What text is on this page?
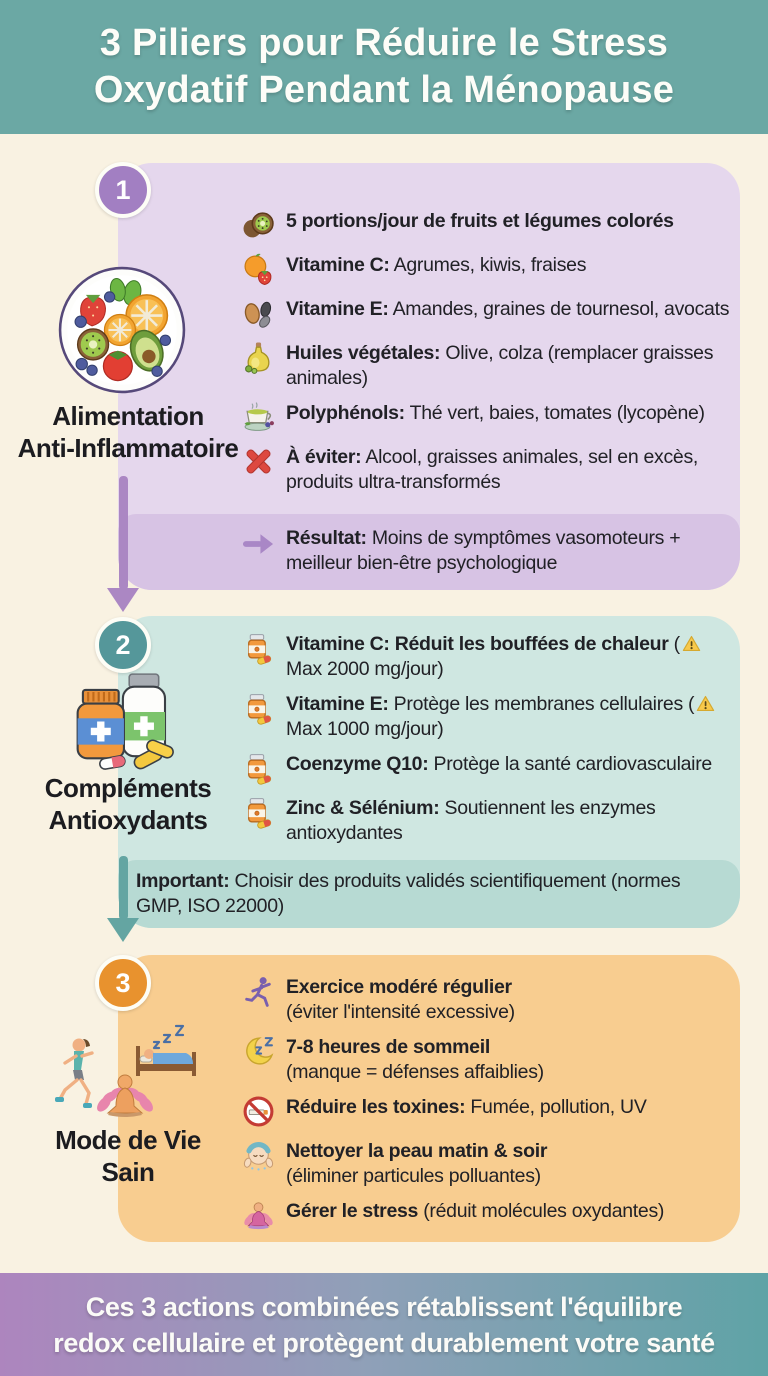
3 Piliers pour Réduire le Stress
Oxydatif Pendant la Ménopause
5 portions/jour de fruits et légumes colorés
Vitamine C: Agrumes, kiwis, fraises
Vitamine E: Amandes, graines de tournesol, avocats
Huiles végétales: Olive, colza (remplacer graisses animales)
Polyphénols: Thé vert, baies, tomates (lycopène)
À éviter: Alcool, graisses animales, sel en excès, produits ultra-transformés
Résultat: Moins de symptômes vasomoteurs + meilleur bien-être psychologique
1
Alimentation
Anti-Inflammatoire
Vitamine C: Réduit les bouffées de chaleur ( Max 2000 mg/jour)
Vitamine E: Protège les membranes cellulaires ( Max 1000 mg/jour)
Coenzyme Q10: Protège la santé cardiovasculaire
Zinc & Sélénium: Soutiennent les enzymes antioxydantes
Important: Choisir des produits validés scientifiquement (normes GMP, ISO 22000)
2
Compléments
Antioxydants
Exercice modéré régulier
(éviter l'intensité excessive)
7-8 heures de sommeil
(manque = défenses affaiblies)
Réduire les toxines: Fumée, pollution, UV
Nettoyer la peau matin & soir
(éliminer particules polluantes)
Gérer le stress (réduit molécules oxydantes)
3
Mode de Vie
Sain
Ces 3 actions combinées rétablissent l'équilibre
redox cellulaire et protègent durablement votre santé
